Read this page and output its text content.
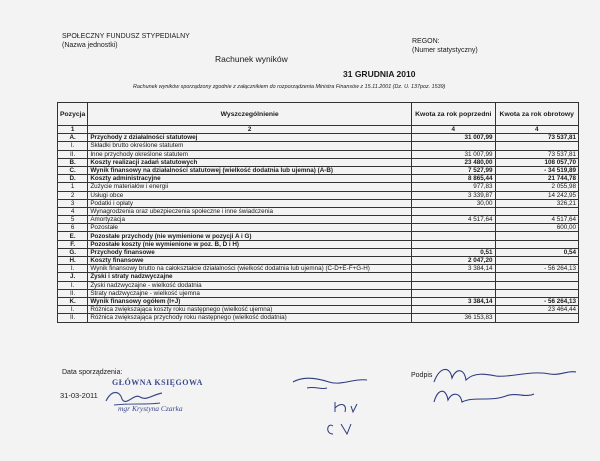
SPOŁECZNY FUNDUSZ STYPEDIALNY
(Nazwa jednostki)
REGON:
(Numer statystyczny)
Rachunek wyników
31 GRUDNIA 2010
Rachunek wyników sporządzony zgodnie z załącznikiem do rozporządzenia Ministra Finansów z 15.11.2001 (Dz. U. 137poz. 1539)
Pozycja	Wyszczególnienie	Kwota za rok poprzedni	Kwota za rok obrotowy
1	2	4	4
A.	Przychody z działalności statutowej	31 007,99	73 537,81
I.	Składki brutto określone statutem		
II.	Inne przychody określone statutem	31 007,99	73 537,81
B.	Koszty realizacji zadań statutowych	23 480,00	108 057,70
C.	Wynik finansowy na działalności statutowej (wielkość dodatnia lub ujemna) (A-B)	7 527,99	- 34 519,89
D.	Koszty administracyjne	8 865,44	21 744,78
1	Zużycie materiałów i energii	977,83	2 055,98
2	Usługi obce	3 339,87	14 242,95
3	Podatki i opłaty	30,00	326,21
4	Wynagrodzenia oraz ubezpieczenia społeczne i inne świadczenia		
5	Amortyzacja	4 517,64	4 517,64
6	Pozostałe		600,00
E.	Pozostałe przychody (nie wymienione w pozycji A i G)		
F.	Pozostałe koszty (nie wymienione w poz. B, D i H)		
G.	Przychody finansowe	0,51	0,54
H.	Koszty finansowe	2 047,20	
I.	Wynik finansowy brutto na całokształcie działalności (wielkość dodatnia lub ujemna) (C-D+E-F+G-H)	3 384,14	- 56 264,13
J.	Zyski i straty nadzwyczajne		
I.	Zyski nadzwyczajne - wielkość dodatnia		
II.	Straty nadzwyczajne - wielkość ujemna		
K.	Wynik finansowy ogółem (I+J)	3 384,14	- 56 264,13
I.	Różnica zwiększająca koszty roku następnego (wielkość ujemna)		23 464,44
II.	Różnica zwiększająca przychody roku następnego (wielkość dodatnia)	36 153,83	
Data sporządzenia:
31-03-2011
GŁÓWNA KSIĘGOWA
mgr Krystyna Czarka
Podpis
